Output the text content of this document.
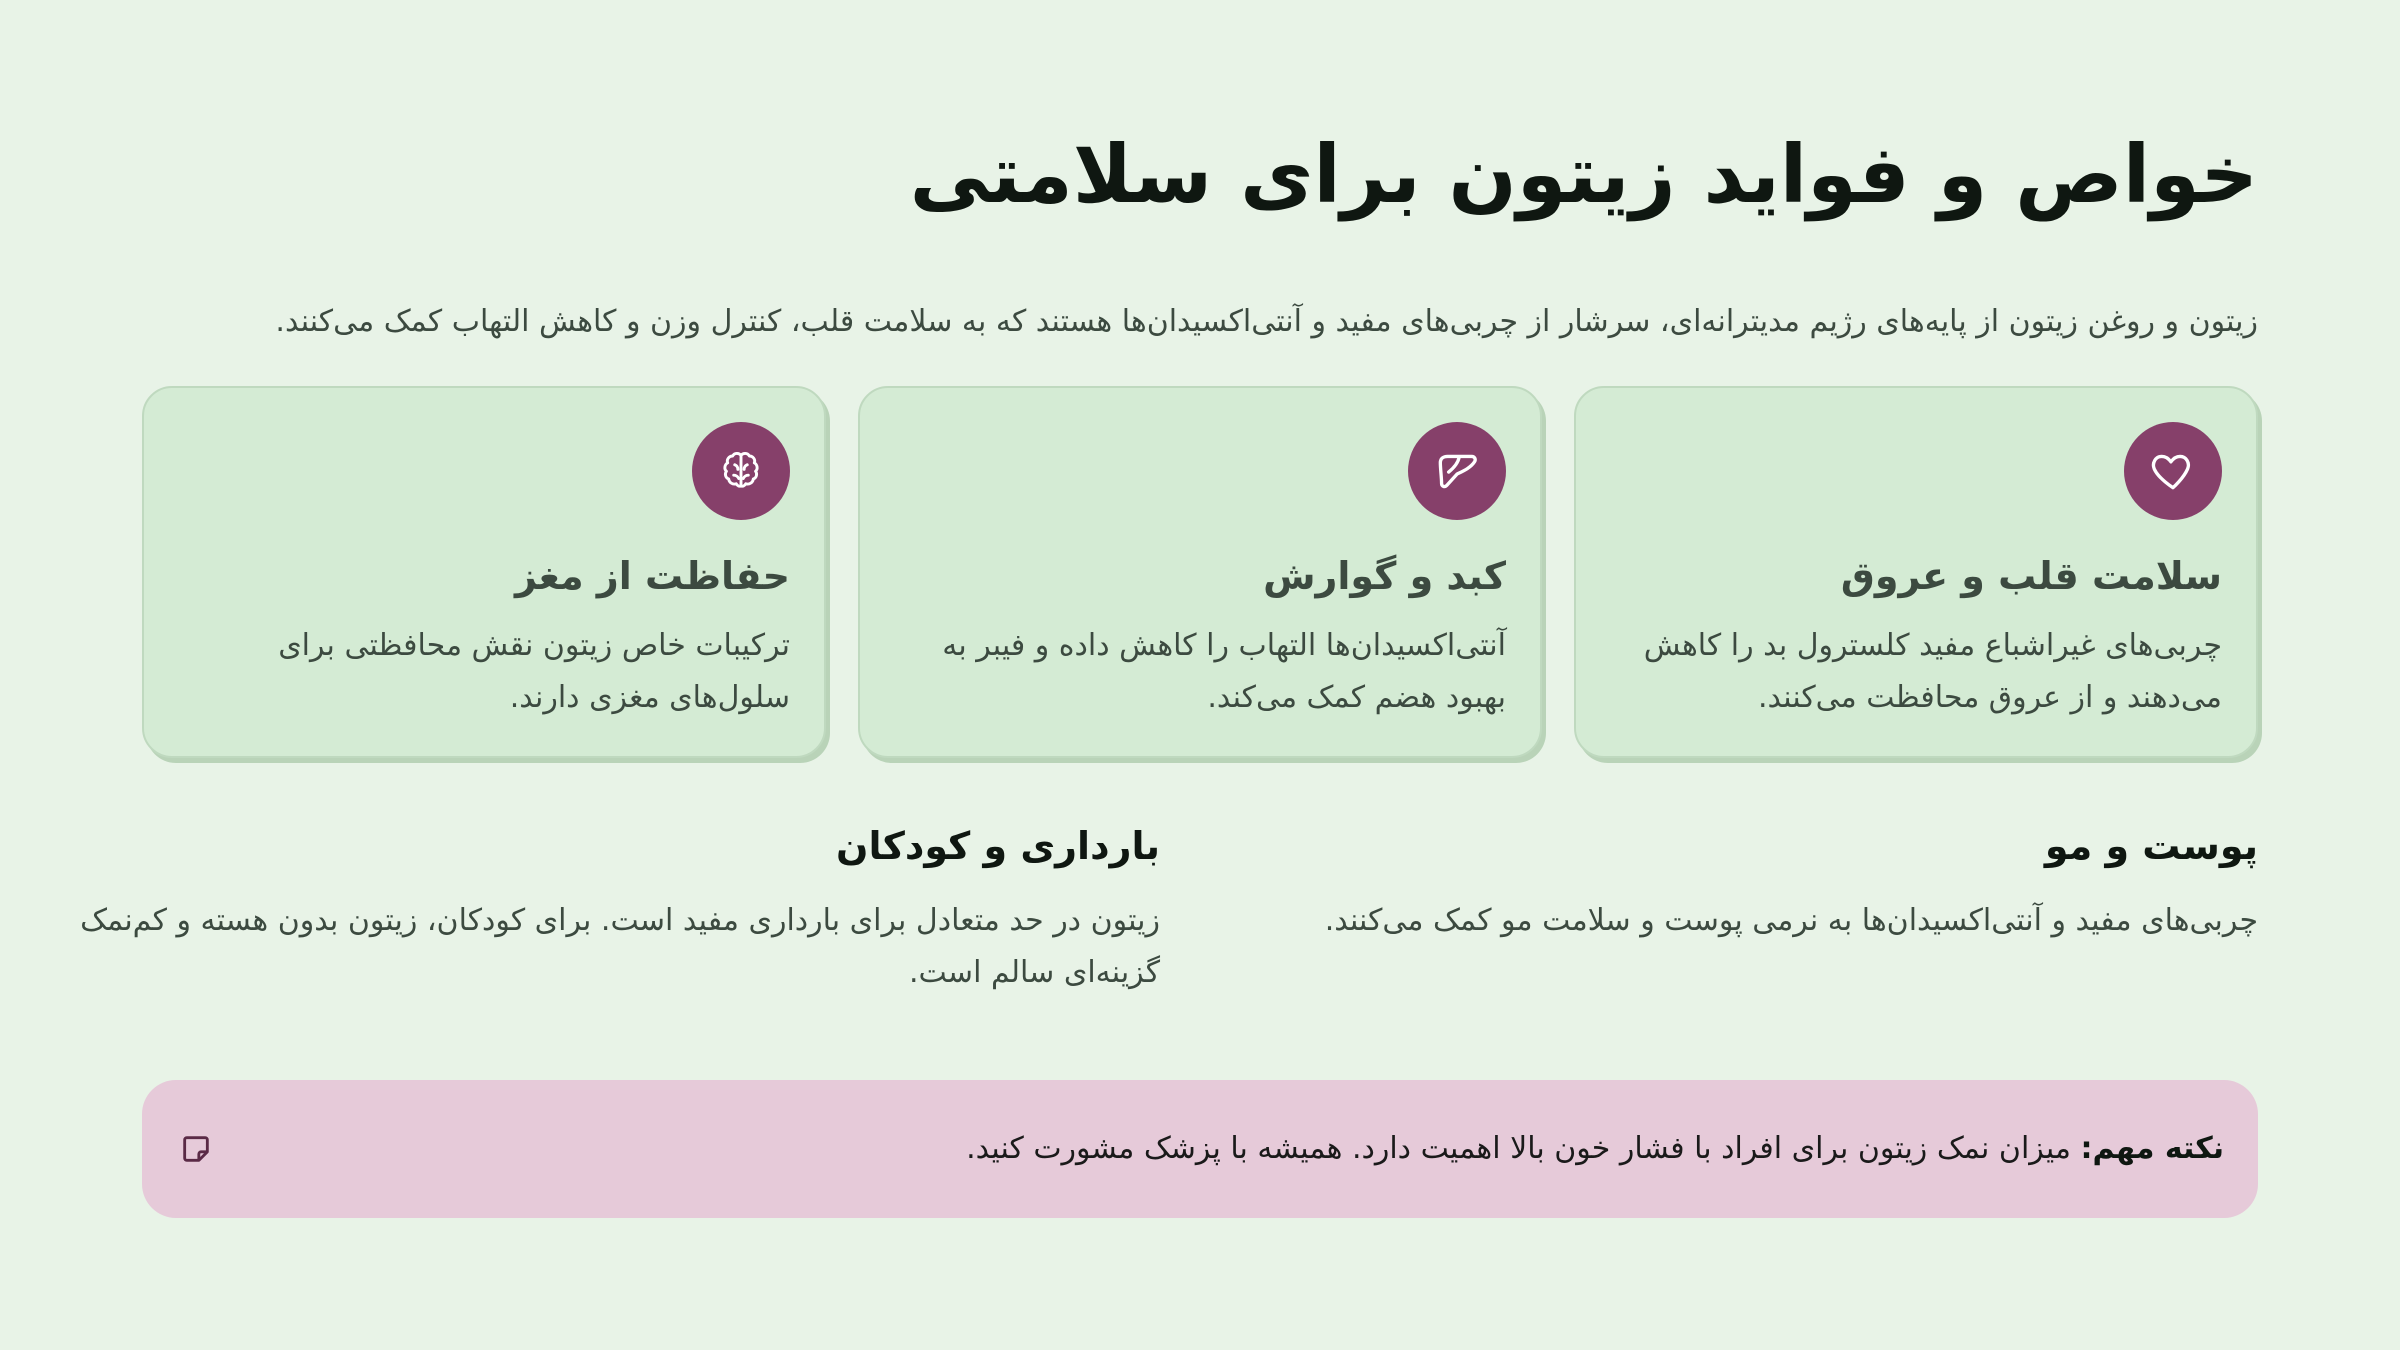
خواص و فواید زیتون برای سلامتی

زیتون و روغن زیتون از پایه‌های رژیم مدیترانه‌ای، سرشار از چربی‌های مفید و آنتی‌اکسیدان‌ها هستند که به سلامت قلب، کنترل وزن و کاهش التهاب کمک می‌کنند.

سلامت قلب و عروق
چربی‌های غیراشباع مفید کلسترول بد را کاهش می‌دهند و از عروق محافظت می‌کنند.
کبد و گوارش
آنتی‌اکسیدان‌ها التهاب را کاهش داده و فیبر به بهبود هضم کمک می‌کند.
حفاظت از مغز
ترکیبات خاص زیتون نقش محافظتی برای سلول‌های مغزی دارند.
پوست و مو
چربی‌های مفید و آنتی‌اکسیدان‌ها به نرمی پوست و سلامت مو کمک می‌کنند.
بارداری و کودکان
زیتون در حد متعادل برای بارداری مفید است. برای کودکان، زیتون بدون هسته و کم‌نمک گزینه‌ای سالم است.
نکته مهم: میزان نمک زیتون برای افراد با فشار خون بالا اهمیت دارد. همیشه با پزشک مشورت کنید.
